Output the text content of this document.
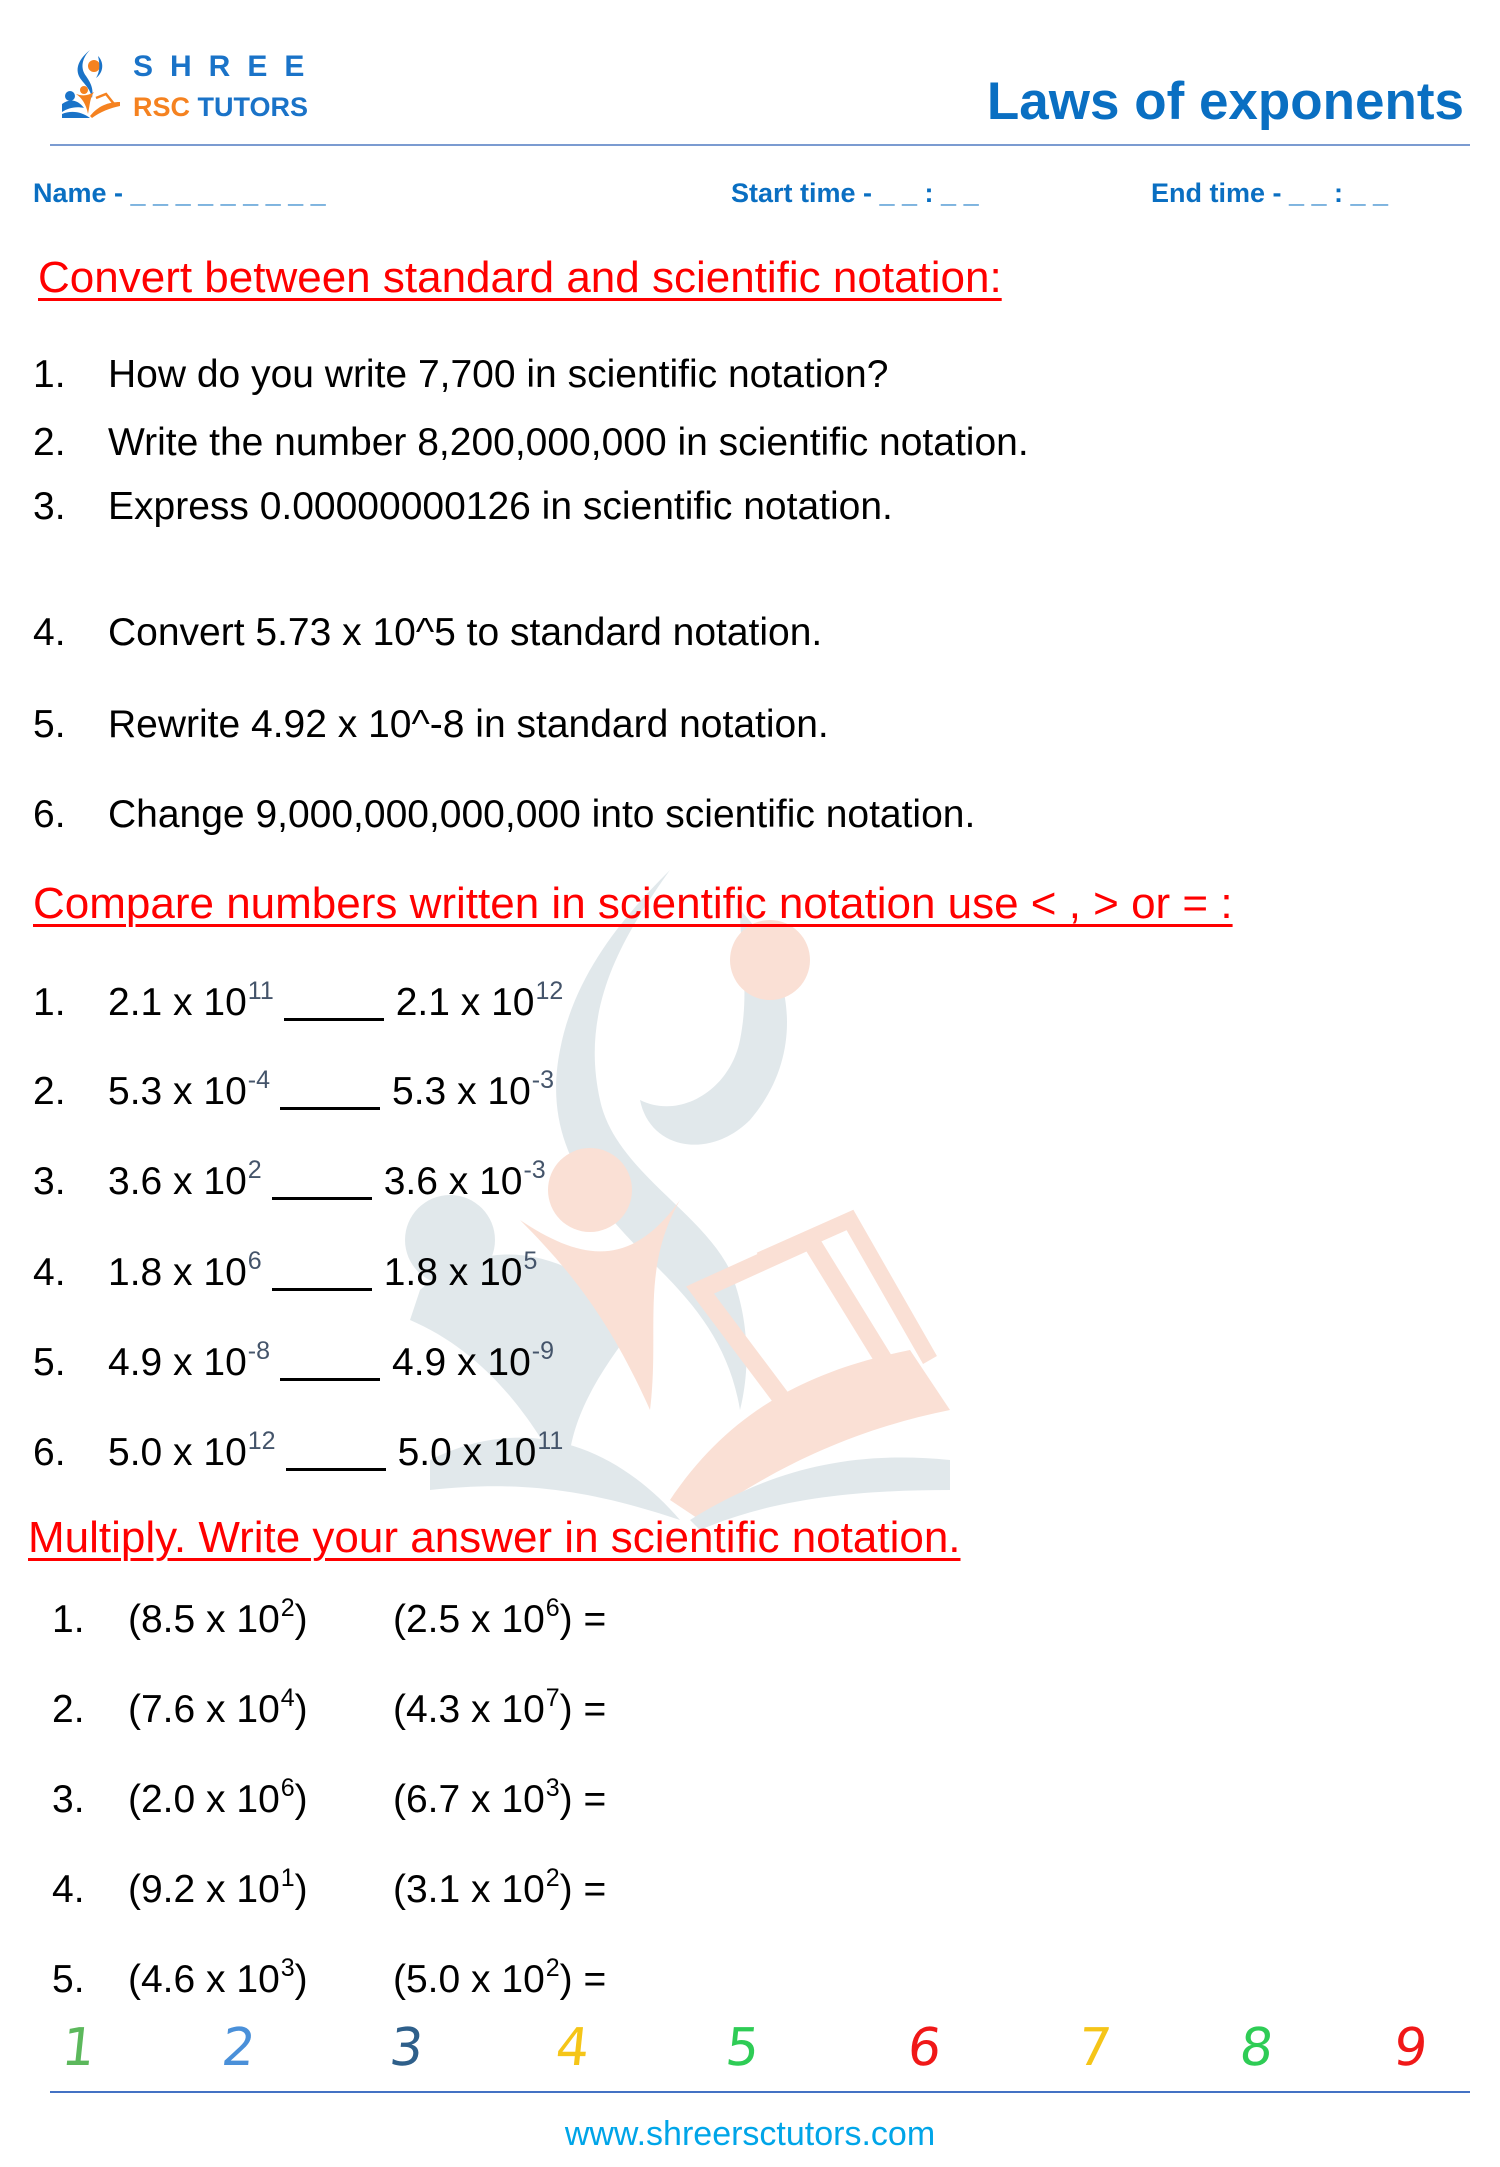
SHREE
RSC TUTORS	Laws of exponents
Name - _ _ _ _ _ _ _ _ _	Start time - _ _ : _ _	End time - _ _ : _ _
Convert between standard and scientific notation:
1. How do you write 7,700 in scientific notation?
2. Write the number 8,200,000,000 in scientific notation.
3. Express 0.00000000126 in scientific notation.
4. Convert 5.73 x 10^5 to standard notation.
5. Rewrite 4.92 x 10^-8 in standard notation.
6. Change 9,000,000,000,000 into scientific notation.
Compare numbers written in scientific notation use < , > or = :
1. 2.1 x $10^{11}$	2.1 x $10^{12}$
2. 5.3 x $10^{-4}$	5.3 x $10^{-3}$
3. 3.6 x $10^2$	3.6 x $10^{-3}$
4. 1.8 x $10^6$	1.8 x $10^5$
5. 4.9 x $10^{-8}$	4.9 x $10^{-9}$
6. 5.0 x $10^{12}$	5.0 x $10^{11}$
Multiply. Write your answer in scientific notation.
1. (8.5 x $10^2$) (2.5 x $10^6$) =
2. (7.6 x $10^4$) (4.3 x $10^7$) =
3. (2.0 x $10^6$) (6.7 x $10^3$) =
4. (9.2 x $10^1$) (3.1 x $10^2$) =
5. (4.6 x $10^3$) (5.0 x $10^2$) =
1 2 3 4	5	6	7 8 9
www.shreersctutors.com
